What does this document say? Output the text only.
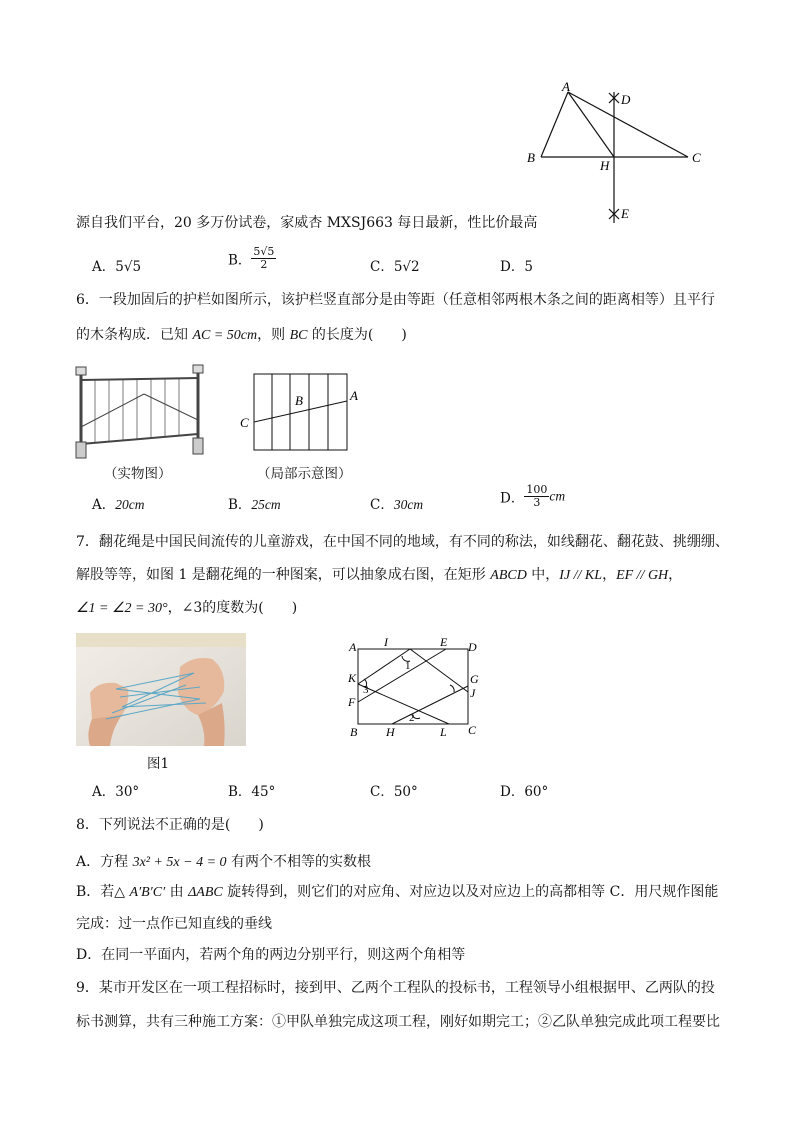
A
D
B
H
C
E
源自我们平台，20 多万份试卷，家威杏 MXSJ663 每日最新，性比价最高
A．5√5	B． $\frac{5√5}{2}$	C．5√2	D．5
6．一段加固后的护栏如图所示，该护栏竖直部分是由等距（任意相邻两根木条之间的距离相等）且平行
的木条构成．已知 AC = 50cm，则 BC 的长度为(　　)
（实物图）
C
B	A
（局部示意图）
A．20cm	B．25cm	C．30cm	D． $\frac{100}{3}$ cm
7．翻花绳是中国民间流传的儿童游戏，在中国不同的地域，有不同的称法，如线翻花、翻花鼓、挑绷绷、
解股等等，如图 1 是翻花绳的一种图案，可以抽象成右图，在矩形 ABCD 中，IJ // KL，EF // GH，
∠1 = ∠2 = 30°，∠3的度数为(　　)
图1
A I	E D
K	G
J
F
B H	L C
1
2
3
A．30°	B．45°	C．50°	D．60°
8．下列说法不正确的是(　　)
A．方程 3x² + 5x − 4 = 0 有两个不相等的实数根
B．若△ A′B′C′ 由 ΔABC 旋转得到，则它们的对应角、对应边以及对应边上的高都相等 C．用尺规作图能
完成：过一点作已知直线的垂线
D．在同一平面内，若两个角的两边分别平行，则这两个角相等
9．某市开发区在一项工程招标时，接到甲、乙两个工程队的投标书，工程领导小组根据甲、乙两队的投
标书测算，共有三种施工方案：①甲队单独完成这项工程，刚好如期完工；②乙队单独完成此项工程要比
